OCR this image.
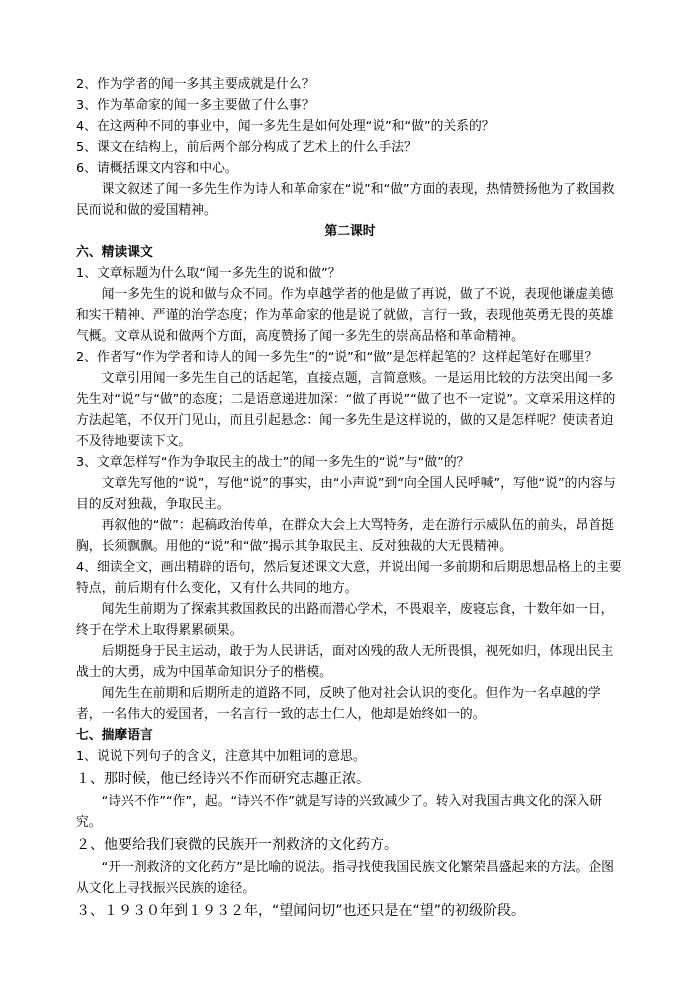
2、作为学者的闻一多其主要成就是什么？

3、作为革命家的闻一多主要做了什么事？

4、在这两种不同的事业中，闻一多先生是如何处理“说”和“做”的关系的？

5、课文在结构上，前后两个部分构成了艺术上的什么手法？

6、请概括课文内容和中心。

课文叙述了闻一多先生作为诗人和革命家在“说”和“做”方面的表现，热情赞扬他为了救国救民而说和做的爱国精神。

第二课时

六、精读课文

1、文章标题为什么取“闻一多先生的说和做”？

闻一多先生的说和做与众不同。作为卓越学者的他是做了再说，做了不说，表现他谦虚美德和实干精神、严谨的治学态度；作为革命家的他是说了就做，言行一致，表现他英勇无畏的英雄气概。文章从说和做两个方面，高度赞扬了闻一多先生的崇高品格和革命精神。

2、作者写“作为学者和诗人的闻一多先生”的“说”和“做”是怎样起笔的？这样起笔好在哪里？

文章引用闻一多先生自己的话起笔，直接点题，言简意赅。一是运用比较的方法突出闻一多先生对“说”与“做”的态度；二是语意递进加深：“做了再说”“做了也不一定说”。文章采用这样的方法起笔，不仅开门见山，而且引起悬念：闻一多先生是这样说的，做的又是怎样呢？使读者迫不及待地要读下文。

3、文章怎样写“作为争取民主的战士”的闻一多先生的“说”与“做”的？

文章先写他的“说”，写他“说”的事实，由“小声说”到“向全国人民呼喊”，写他“说”的内容与目的反对独裁，争取民主。

再叙他的“做”：起稿政治传单，在群众大会上大骂特务，走在游行示威队伍的前头，昂首挺胸，长须飘飘。用他的“说”和“做”揭示其争取民主、反对独裁的大无畏精神。

4、细读全文，画出精辟的语句，然后复述课文大意，并说出闻一多前期和后期思想品格上的主要特点，前后期有什么变化，又有什么共同的地方。

闻先生前期为了探索其救国救民的出路而潜心学术，不畏艰辛，废寝忘食，十数年如一日，终于在学术上取得累累硕果。

后期挺身于民主运动，敢于为人民讲话，面对凶残的敌人无所畏惧，视死如归，体现出民主战士的大勇，成为中国革命知识分子的楷模。

闻先生在前期和后期所走的道路不同，反映了他对社会认识的变化。但作为一名卓越的学者，一名伟大的爱国者，一名言行一致的志士仁人，他却是始终如一的。

七、揣摩语言

1、说说下列句子的含义，注意其中加粗词的意思。

１、那时候，他已经诗兴不作而研究志趣正浓。

“诗兴不作”“作”，起。“诗兴不作”就是写诗的兴致减少了。转入对我国古典文化的深入研究。

２、他要给我们衰微的民族开一剂救济的文化药方。

“开一剂救济的文化药方”是比喻的说法。指寻找使我国民族文化繁荣昌盛起来的方法。企图从文化上寻找振兴民族的途径。

３、１９３０年到１９３２年，“望闻问切”也还只是在“望”的初级阶段。
